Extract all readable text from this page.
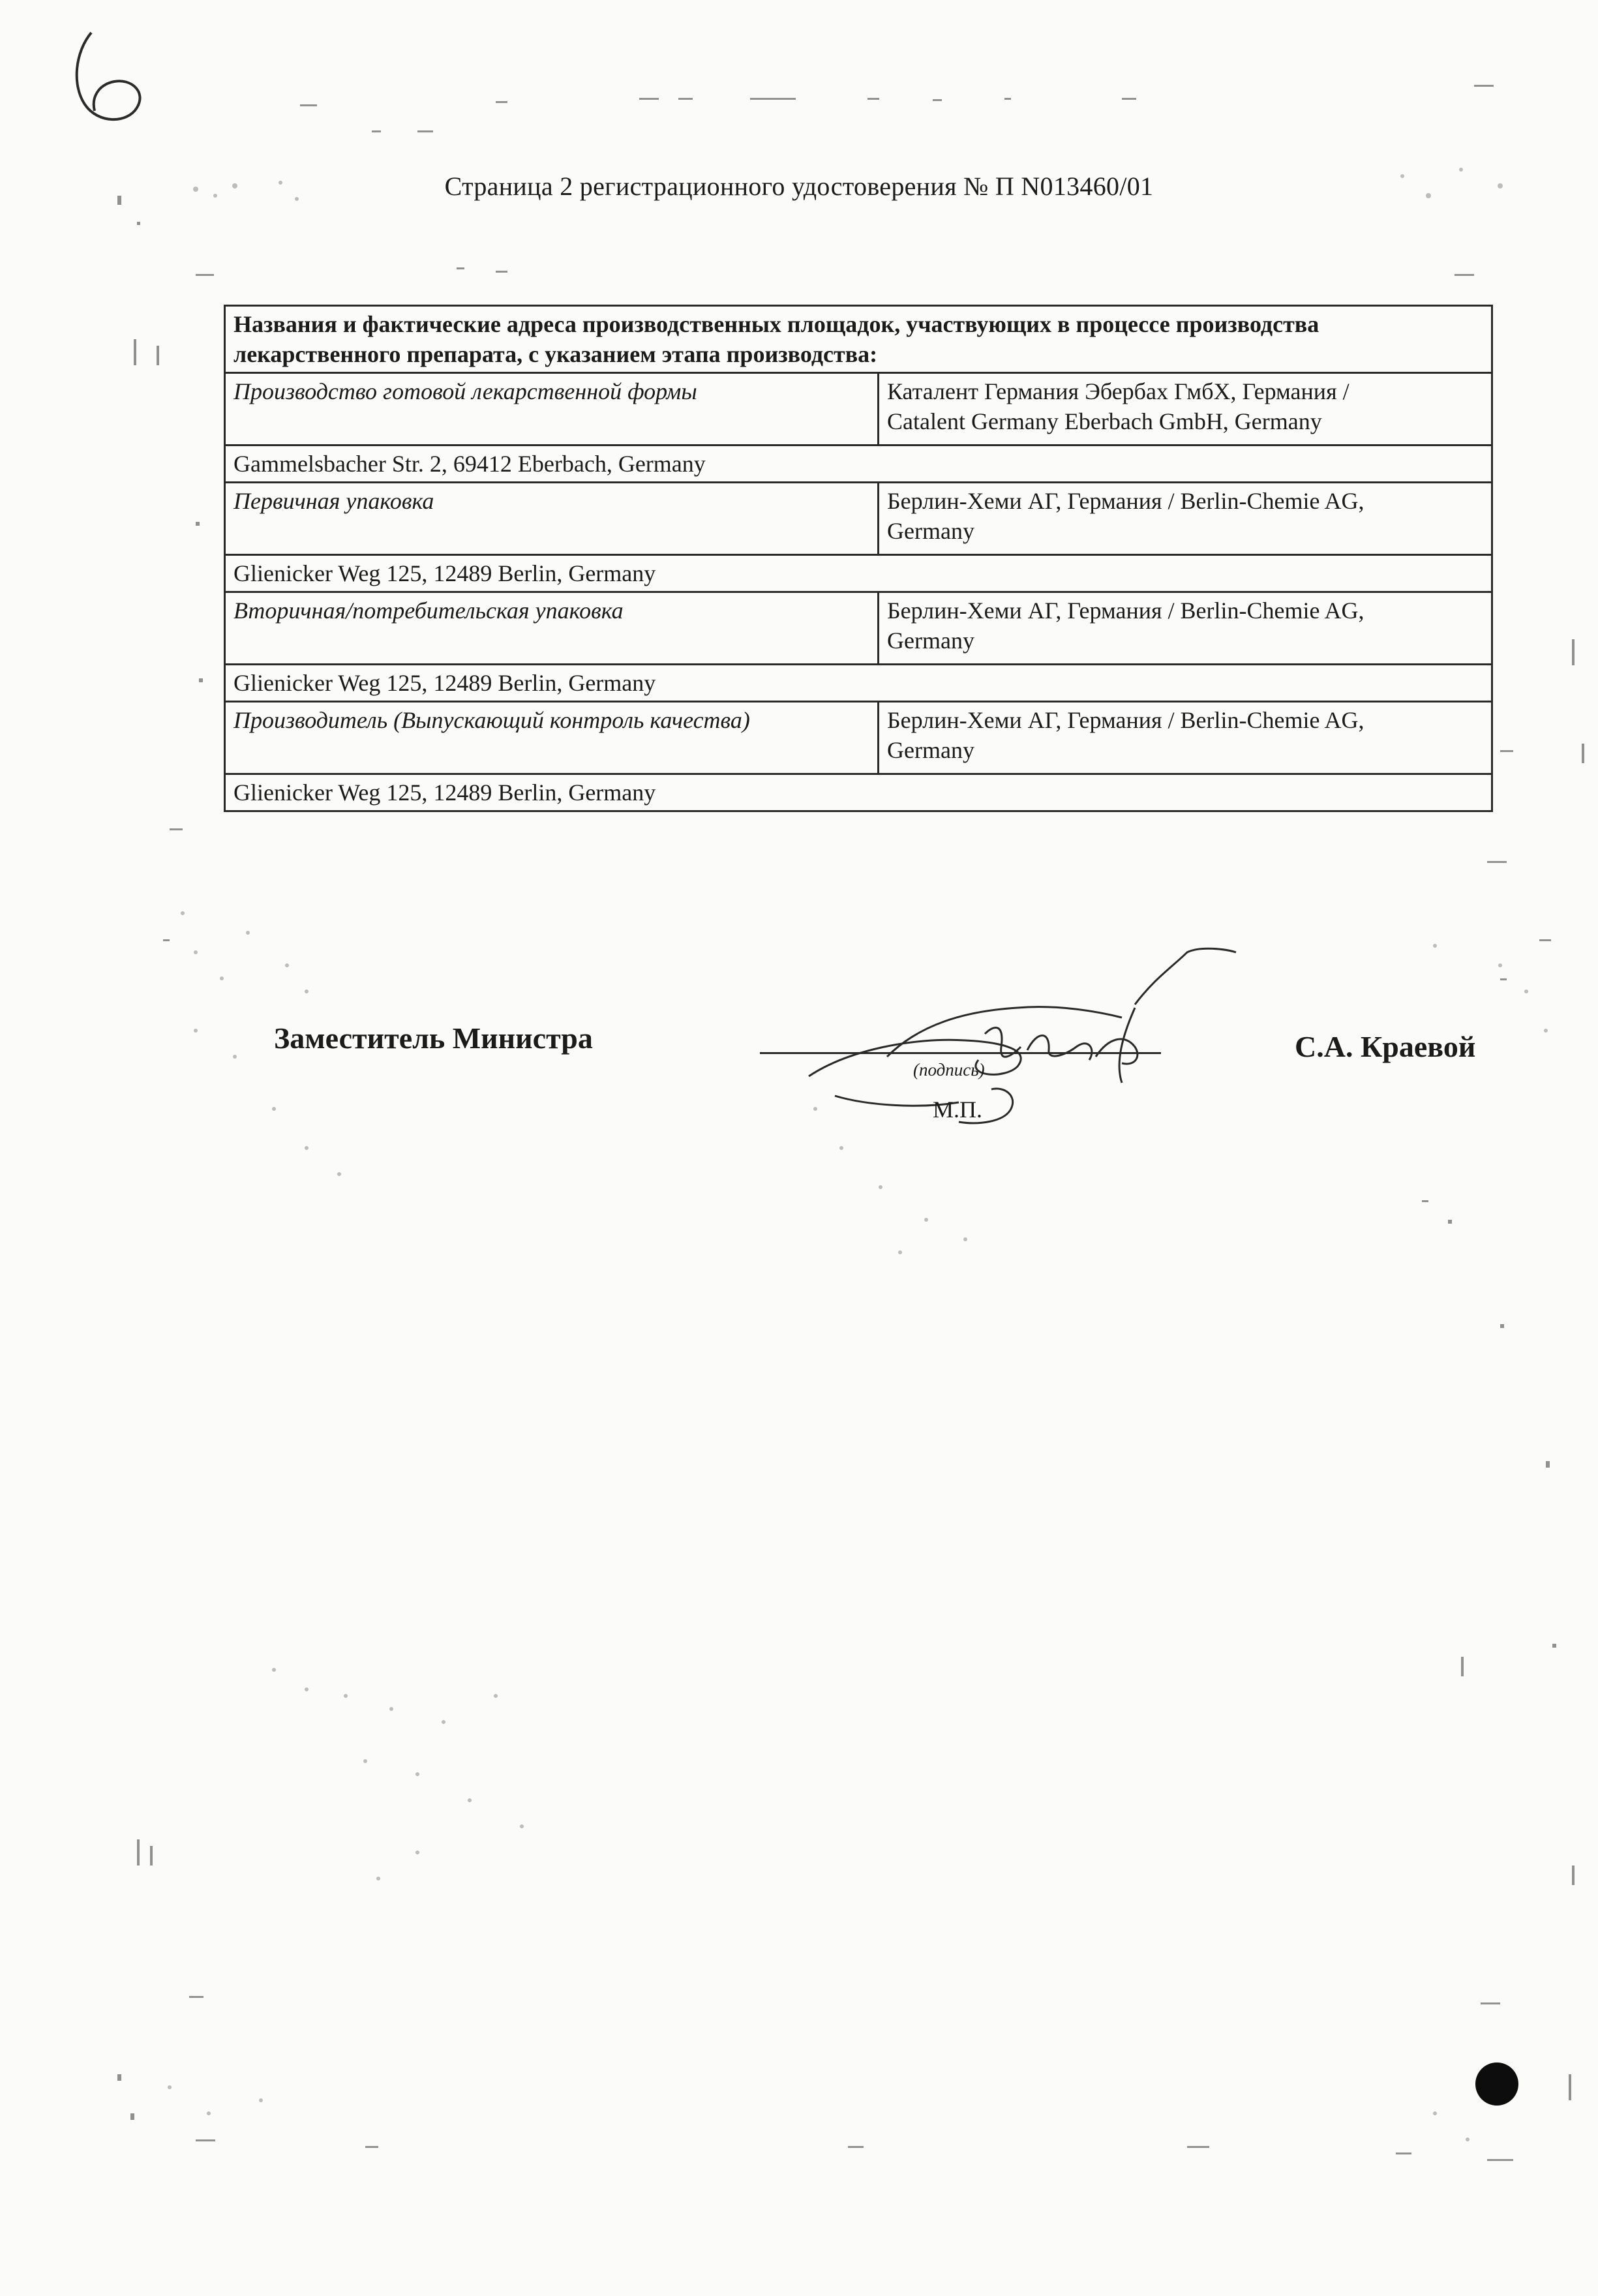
Страница 2 регистрационного удостоверения № П N013460/01
Названия и фактические адреса производственных площадок, участвующих в процессе производства лекарственного препарата, с указанием этапа производства:	
Производство готовой лекарственной формы	Каталент Германия Эбербах ГмбХ, Германия /
Catalent Germany Eberbach GmbH, Germany

Gammelsbacher Str. 2, 69412 Eberbach, Germany	
Первичная упаковка	Берлин-Хеми АГ, Германия / Berlin-Chemie AG,
Germany

Glienicker Weg 125, 12489 Berlin, Germany	
Вторичная/потребительская упаковка	Берлин-Хеми АГ, Германия / Berlin-Chemie AG,
Germany

Glienicker Weg 125, 12489 Berlin, Germany	
Производитель (Выпускающий контроль качества)	Берлин-Хеми АГ, Германия / Berlin-Chemie AG,
Germany

Glienicker Weg 125, 12489 Berlin, Germany	
Заместитель Министра
(подпись)
М.П.
С.А. Краевой
